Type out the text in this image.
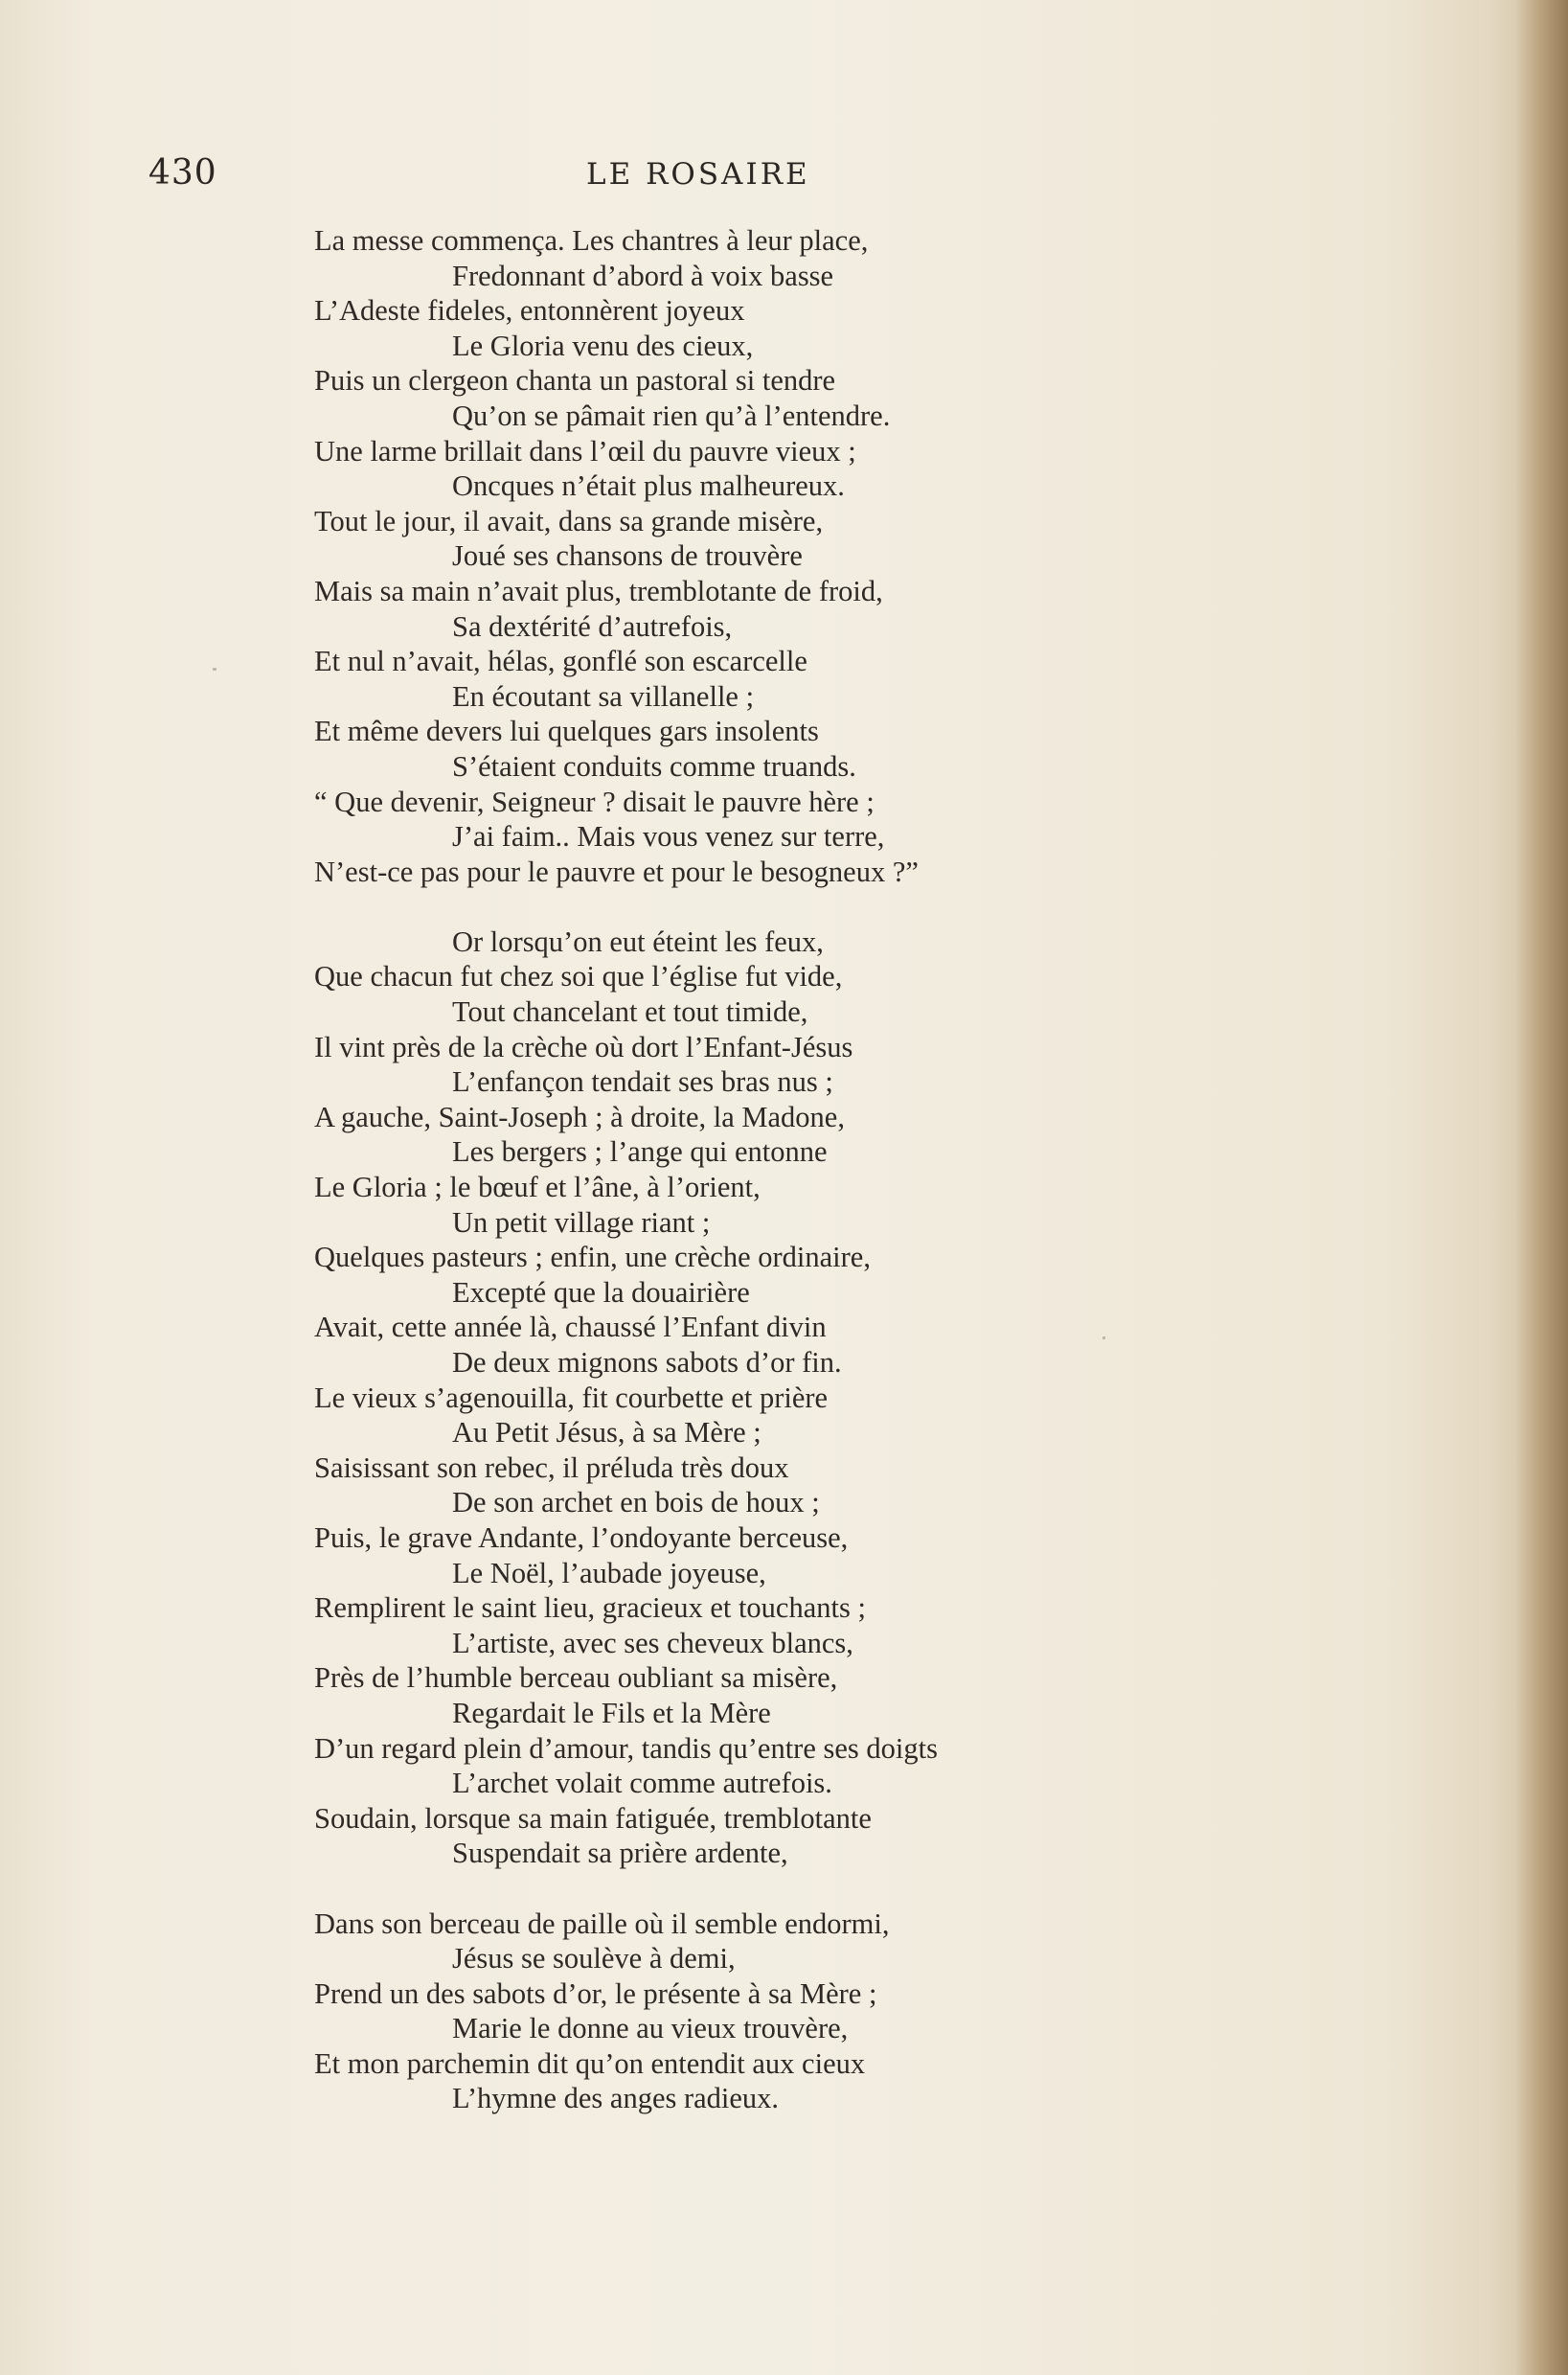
430	LE ROSAIRE
La messe commença. Les chantres à leur place,
Fredonnant d’abord à voix basse
L’Adeste fideles, entonnèrent joyeux
Le Gloria venu des cieux,
Puis un clergeon chanta un pastoral si tendre
Qu’on se pâmait rien qu’à l’entendre.
Une larme brillait dans l’œil du pauvre vieux ;
Oncques n’était plus malheureux.
Tout le jour, il avait, dans sa grande misère,
Joué ses chansons de trouvère
Mais sa main n’avait plus, tremblotante de froid,
Sa dextérité d’autrefois,
Et nul n’avait, hélas, gonflé son escarcelle
En écoutant sa villanelle ;
Et même devers lui quelques gars insolents
S’étaient conduits comme truands.
“ Que devenir, Seigneur ? disait le pauvre hère ;
J’ai faim.. Mais vous venez sur terre,
N’est-ce pas pour le pauvre et pour le besogneux ?”
Or lorsqu’on eut éteint les feux,
Que chacun fut chez soi que l’église fut vide,
Tout chancelant et tout timide,
Il vint près de la crèche où dort l’Enfant-Jésus
L’enfançon tendait ses bras nus ;
A gauche, Saint-Joseph ; à droite, la Madone,
Les bergers ; l’ange qui entonne
Le Gloria ; le bœuf et l’âne, à l’orient,
Un petit village riant ;
Quelques pasteurs ; enfin, une crèche ordinaire,
Excepté que la douairière
Avait, cette année là, chaussé l’Enfant divin
De deux mignons sabots d’or fin.
Le vieux s’agenouilla, fit courbette et prière
Au Petit Jésus, à sa Mère ;
Saisissant son rebec, il préluda très doux
De son archet en bois de houx ;
Puis, le grave Andante, l’ondoyante berceuse,
Le Noël, l’aubade joyeuse,
Remplirent le saint lieu, gracieux et touchants ;
L’artiste, avec ses cheveux blancs,
Près de l’humble berceau oubliant sa misère,
Regardait le Fils et la Mère
D’un regard plein d’amour, tandis qu’entre ses doigts
L’archet volait comme autrefois.
Soudain, lorsque sa main fatiguée, tremblotante
Suspendait sa prière ardente,
Dans son berceau de paille où il semble endormi,
Jésus se soulève à demi,
Prend un des sabots d’or, le présente à sa Mère ;
Marie le donne au vieux trouvère,
Et mon parchemin dit qu’on entendit aux cieux
L’hymne des anges radieux.
